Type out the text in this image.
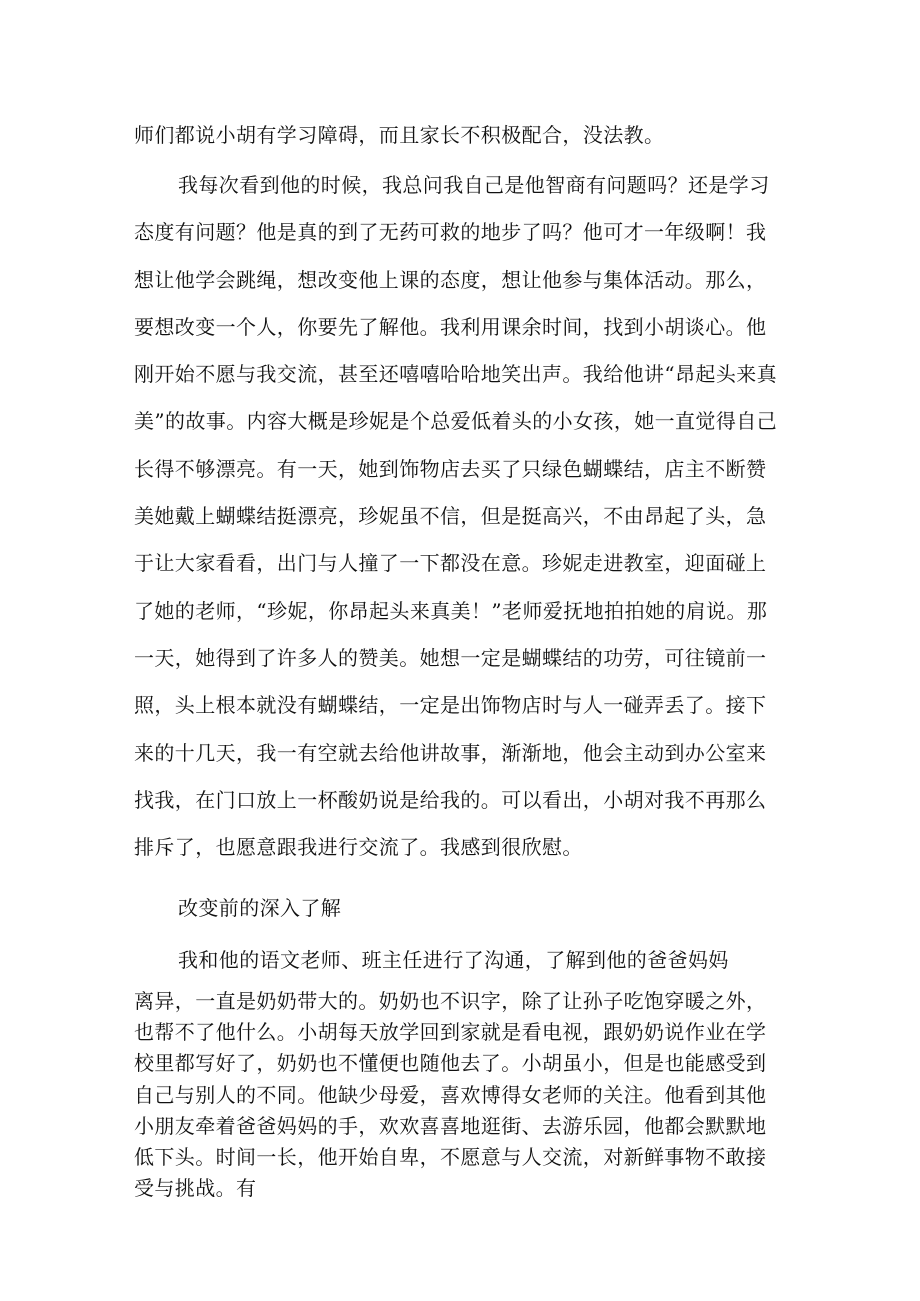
师们都说小胡有学习障碍，而且家长不积极配合，没法教。

我每次看到他的时候，我总问我自己是他智商有问题吗？还是学习态度有问题？他是真的到了无药可救的地步了吗？他可才一年级啊！我想让他学会跳绳，想改变他上课的态度，想让他参与集体活动。那么，要想改变一个人，你要先了解他。我利用课余时间，找到小胡谈心。他刚开始不愿与我交流，甚至还嘻嘻哈哈地笑出声。我给他讲“昂起头来真美”的故事。内容大概是珍妮是个总爱低着头的小女孩，她一直觉得自己长得不够漂亮。有一天，她到饰物店去买了只绿色蝴蝶结，店主不断赞美她戴上蝴蝶结挺漂亮，珍妮虽不信，但是挺高兴，不由昂起了头，急于让大家看看，出门与人撞了一下都没在意。珍妮走进教室，迎面碰上了她的老师，“珍妮，你昂起头来真美！”老师爱抚地拍拍她的肩说。那一天，她得到了许多人的赞美。她想一定是蝴蝶结的功劳，可往镜前一照，头上根本就没有蝴蝶结，一定是出饰物店时与人一碰弄丢了。接下来的十几天，我一有空就去给他讲故事，渐渐地，他会主动到办公室来找我，在门口放上一杯酸奶说是给我的。可以看出，小胡对我不再那么排斥了，也愿意跟我进行交流了。我感到很欣慰。

改变前的深入了解

我和他的语文老师、班主任进行了沟通，了解到他的爸爸妈妈

离异，一直是奶奶带大的。奶奶也不识字，除了让孙子吃饱穿暖之外，也帮不了他什么。小胡每天放学回到家就是看电视，跟奶奶说作业在学校里都写好了，奶奶也不懂便也随他去了。小胡虽小，但是也能感受到自己与别人的不同。他缺少母爱，喜欢博得女老师的关注。他看到其他小朋友牵着爸爸妈妈的手，欢欢喜喜地逛街、去游乐园，他都会默默地低下头。时间一长，他开始自卑，不愿意与人交流，对新鲜事物不敢接受与挑战。有
